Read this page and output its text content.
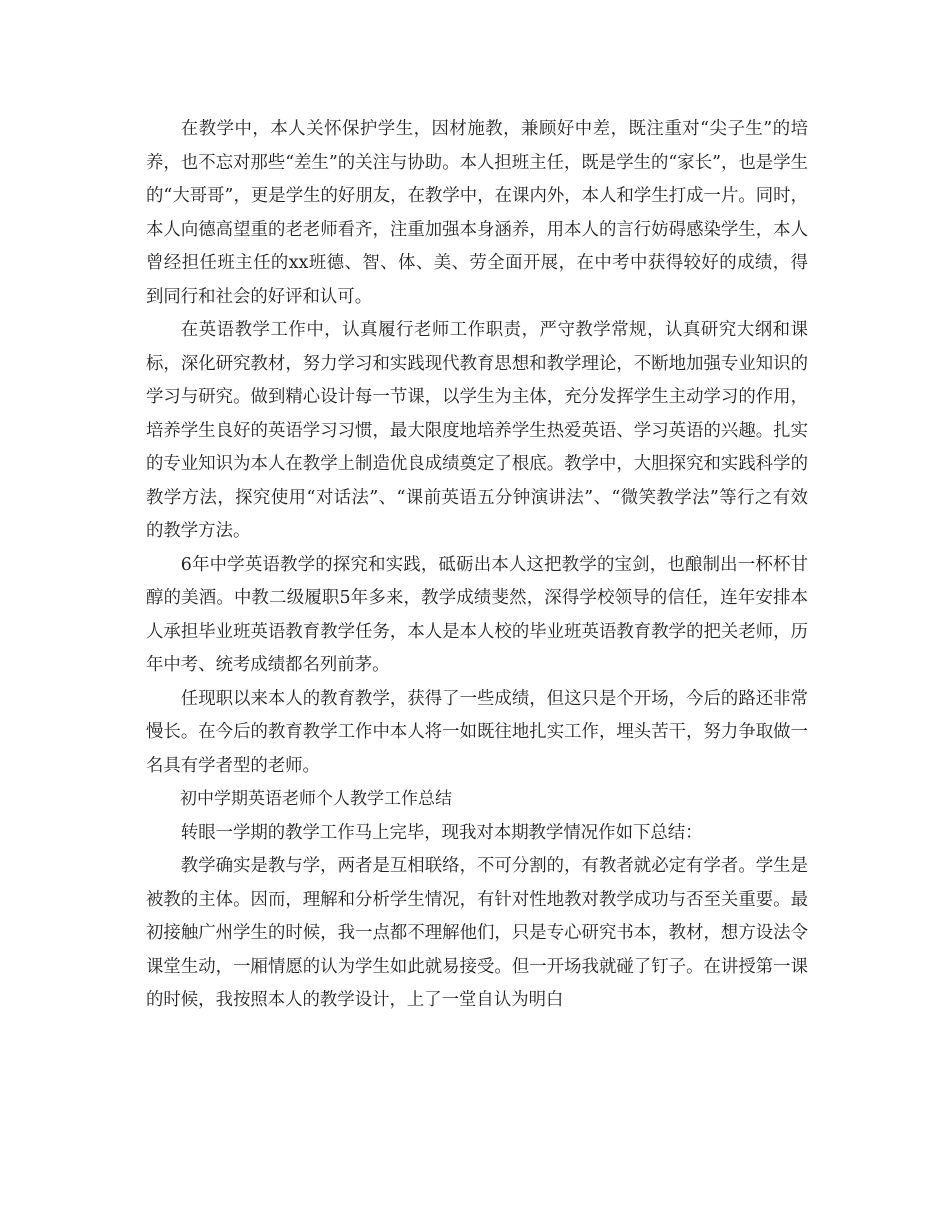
在教学中，本人关怀保护学生，因材施教，兼顾好中差，既注重对“尖子生”的培养，也不忘对那些“差生”的关注与协助。本人担班主任，既是学生的“家长”，也是学生的“大哥哥”，更是学生的好朋友，在教学中，在课内外，本人和学生打成一片。同时，本人向德高望重的老老师看齐，注重加强本身涵养，用本人的言行妨碍感染学生，本人曾经担任班主任的xx班德、智、体、美、劳全面开展，在中考中获得较好的成绩，得到同行和社会的好评和认可。

在英语教学工作中，认真履行老师工作职责，严守教学常规，认真研究大纲和课标，深化研究教材，努力学习和实践现代教育思想和教学理论，不断地加强专业知识的学习与研究。做到精心设计每一节课，以学生为主体，充分发挥学生主动学习的作用，培养学生良好的英语学习习惯，最大限度地培养学生热爱英语、学习英语的兴趣。扎实的专业知识为本人在教学上制造优良成绩奠定了根底。教学中，大胆探究和实践科学的教学方法，探究使用“对话法”、“课前英语五分钟演讲法”、“微笑教学法”等行之有效的教学方法。

6年中学英语教学的探究和实践，砥砺出本人这把教学的宝剑，也酿制出一杯杯甘醇的美酒。中教二级履职5年多来，教学成绩斐然，深得学校领导的信任，连年安排本人承担毕业班英语教育教学任务，本人是本人校的毕业班英语教育教学的把关老师，历年中考、统考成绩都名列前茅。

任现职以来本人的教育教学，获得了一些成绩，但这只是个开场，今后的路还非常慢长。在今后的教育教学工作中本人将一如既往地扎实工作，埋头苦干，努力争取做一名具有学者型的老师。

初中学期英语老师个人教学工作总结

转眼一学期的教学工作马上完毕，现我对本期教学情况作如下总结：

教学确实是教与学，两者是互相联络，不可分割的，有教者就必定有学者。学生是被教的主体。因而，理解和分析学生情况，有针对性地教对教学成功与否至关重要。最初接触广州学生的时候，我一点都不理解他们，只是专心研究书本，教材，想方设法令课堂生动，一厢情愿的认为学生如此就易接受。但一开场我就碰了钉子。在讲授第一课的时候，我按照本人的教学设计，上了一堂自认为明白
